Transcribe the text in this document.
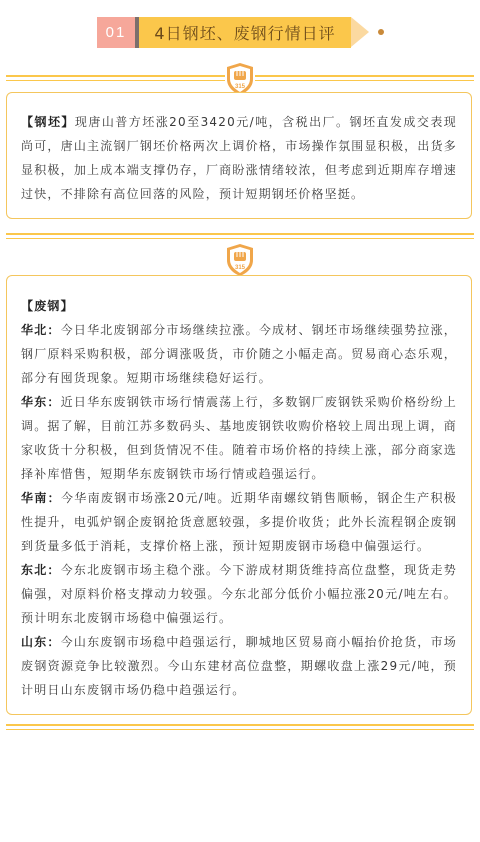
01	4日钢坯、废钢行情日评
315

【钢坯】现唐山普方坯涨20至3420元/吨，含税出厂。钢坯直发成交表现尚可，唐山主流钢厂钢坯价格两次上调价格，市场操作氛围显积极，出货多显积极，加上成本端支撑仍存，厂商盼涨情绪较浓，但考虑到近期库存增速过快，不排除有高位回落的风险，预计短期钢坯价格坚挺。

315

【废钢】

华北：今日华北废钢部分市场继续拉涨。今成材、钢坯市场继续强势拉涨，钢厂原料采购积极，部分调涨吸货，市价随之小幅走高。贸易商心态乐观，部分有囤货现象。短期市场继续稳好运行。

华东：近日华东废钢铁市场行情震荡上行，多数钢厂废钢铁采购价格纷纷上调。据了解，目前江苏多数码头、基地废钢铁收购价格较上周出现上调，商家收货十分积极，但到货情况不佳。随着市场价格的持续上涨，部分商家选择补库惜售，短期华东废钢铁市场行情或趋强运行。

华南：今华南废钢市场涨20元/吨。近期华南螺纹销售顺畅，钢企生产积极性提升，电弧炉钢企废钢抢货意愿较强，多提价收货；此外长流程钢企废钢到货量多低于消耗，支撑价格上涨，预计短期废钢市场稳中偏强运行。

东北：今东北废钢市场主稳个涨。今下游成材期货维持高位盘整，现货走势偏强，对原料价格支撑动力较强。今东北部分低价小幅拉涨20元/吨左右。预计明东北废钢市场稳中偏强运行。

山东：今山东废钢市场稳中趋强运行，聊城地区贸易商小幅抬价抢货，市场废钢资源竞争比较激烈。今山东建材高位盘整，期螺收盘上涨29元/吨，预计明日山东废钢市场仍稳中趋强运行。
